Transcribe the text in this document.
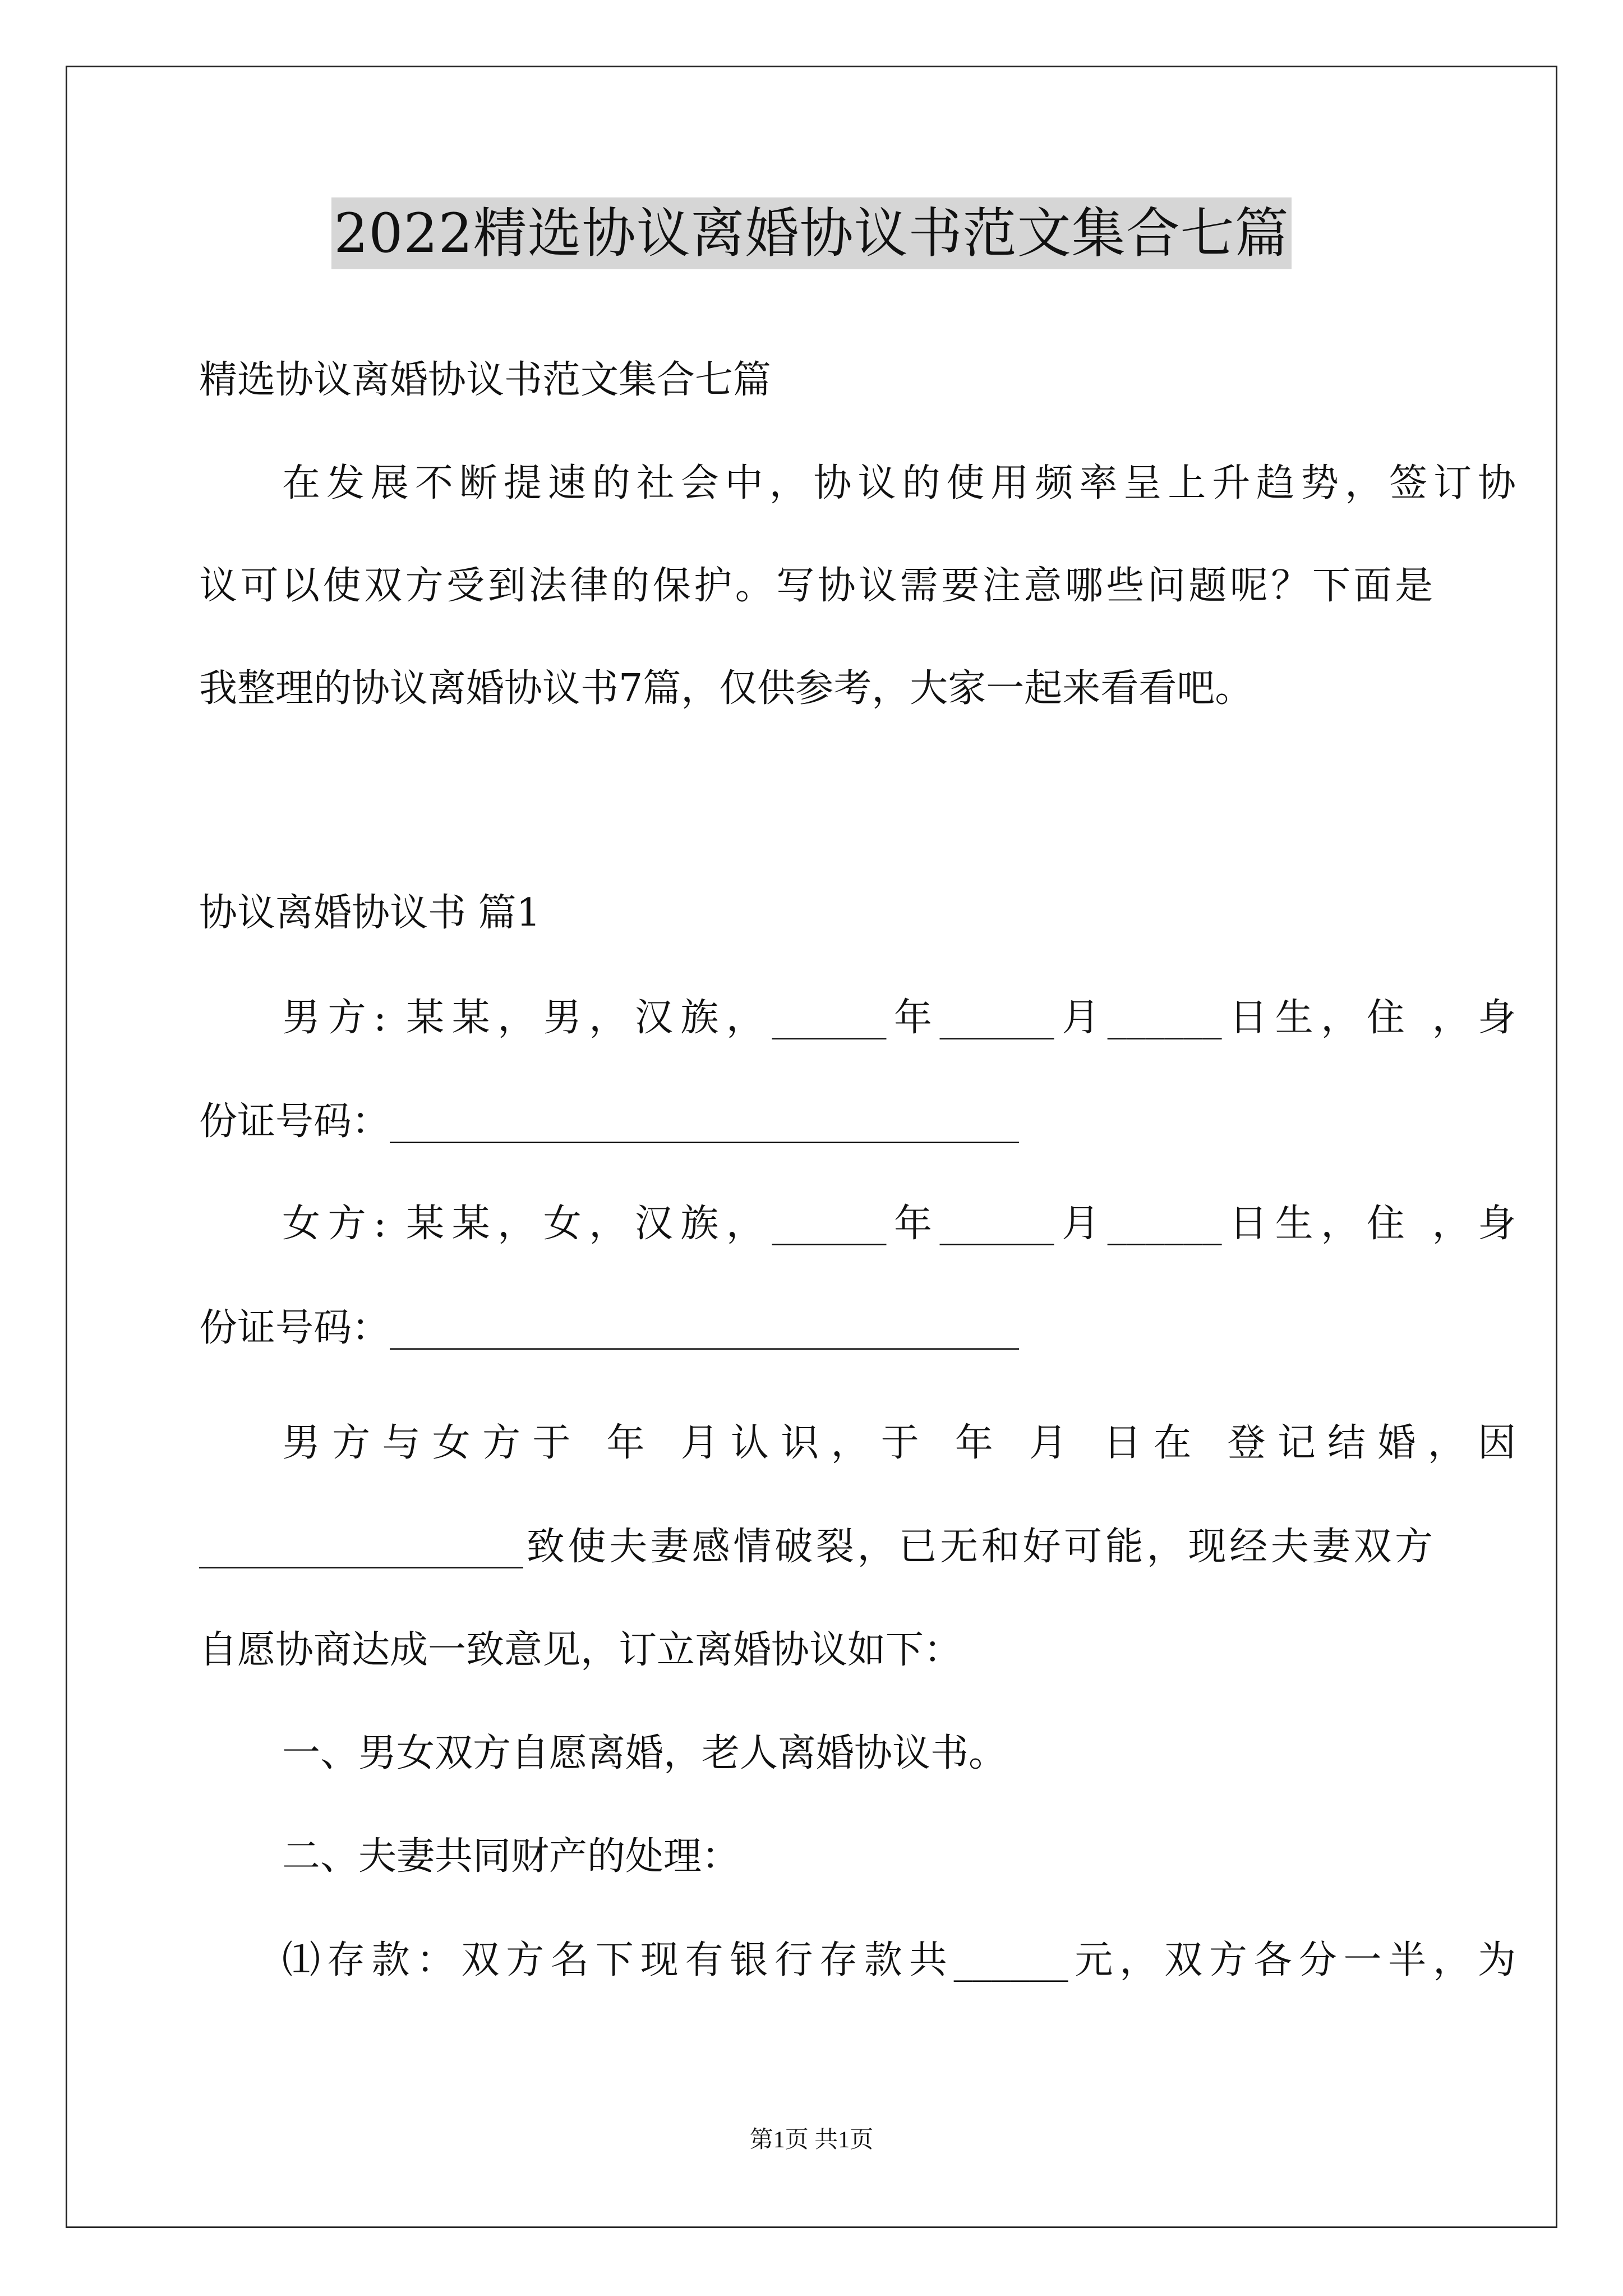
2022精选协议离婚协议书范文集合七篇
精选协议离婚协议书范文集合七篇
在发展不断提速的社会中，协议的使用频率呈上升趋势，签订协
议可以使双方受到法律的保护。写协议需要注意哪些问题呢？下面是
我整理的协议离婚协议书7篇，仅供参考，大家一起来看看吧。
协议离婚协议书 篇1
男方: 某某，男，汉族，______年______月______日生，住 ，身
份证号码：_________________________________
女方: 某某，女，汉族，______年______月______日生，住 ，身
份证号码：_________________________________
男方与女方于 年 月认识，于 年 月 日在 登记结婚，因
_________________致使夫妻感情破裂，已无和好可能，现经夫妻双方
自愿协商达成一致意见，订立离婚协议如下：
一、男女双方自愿离婚，老人离婚协议书。
二、夫妻共同财产的处理：
⑴存款：双方名下现有银行存款共______元，双方各分一半，为
第1页 共1页
